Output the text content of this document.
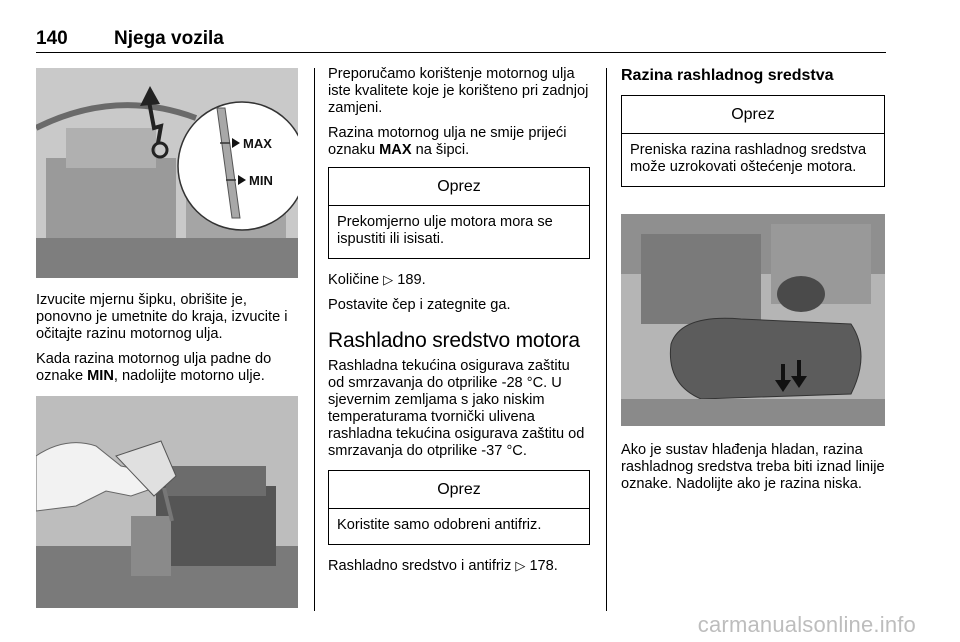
140 Njega vozila
MAX
MIN

Izvucite mjernu šipku, obrišite je, ponovno je umetnite do kraja, izvucite i očitajte razinu motornog ulja.

Kada razina motornog ulja padne do oznake MIN, nadolijte motorno ulje.

Preporučamo korištenje motornog ulja iste kvalitete koje je korišteno pri zadnjoj zamjeni.

Razina motornog ulja ne smije prijeći oznaku MAX na šipci.

Oprez
Prekomjerno ulje motora mora se ispustiti ili isisati.

Količine ▷ 189.

Postavite čep i zategnite ga.

Rashladno sredstvo motora

Rashladna tekućina osigurava zaštitu od smrzavanja do otprilike -28 °C. U sjevernim zemljama s jako niskim temperaturama tvornički ulivena rashladna tekućina osigurava zaštitu od smrzavanja do otprilike -37 °C.

Oprez
Koristite samo odobreni antifriz.

Rashladno sredstvo i antifriz ▷ 178.

Razina rashladnog sredstva
Oprez
Preniska razina rashladnog sredstva može uzrokovati oštećenje motora.

Ako je sustav hlađenja hladan, razina rashladnog sredstva treba biti iznad linije oznake. Nadolijte ako je razina niska.

carmanualsonline.info
